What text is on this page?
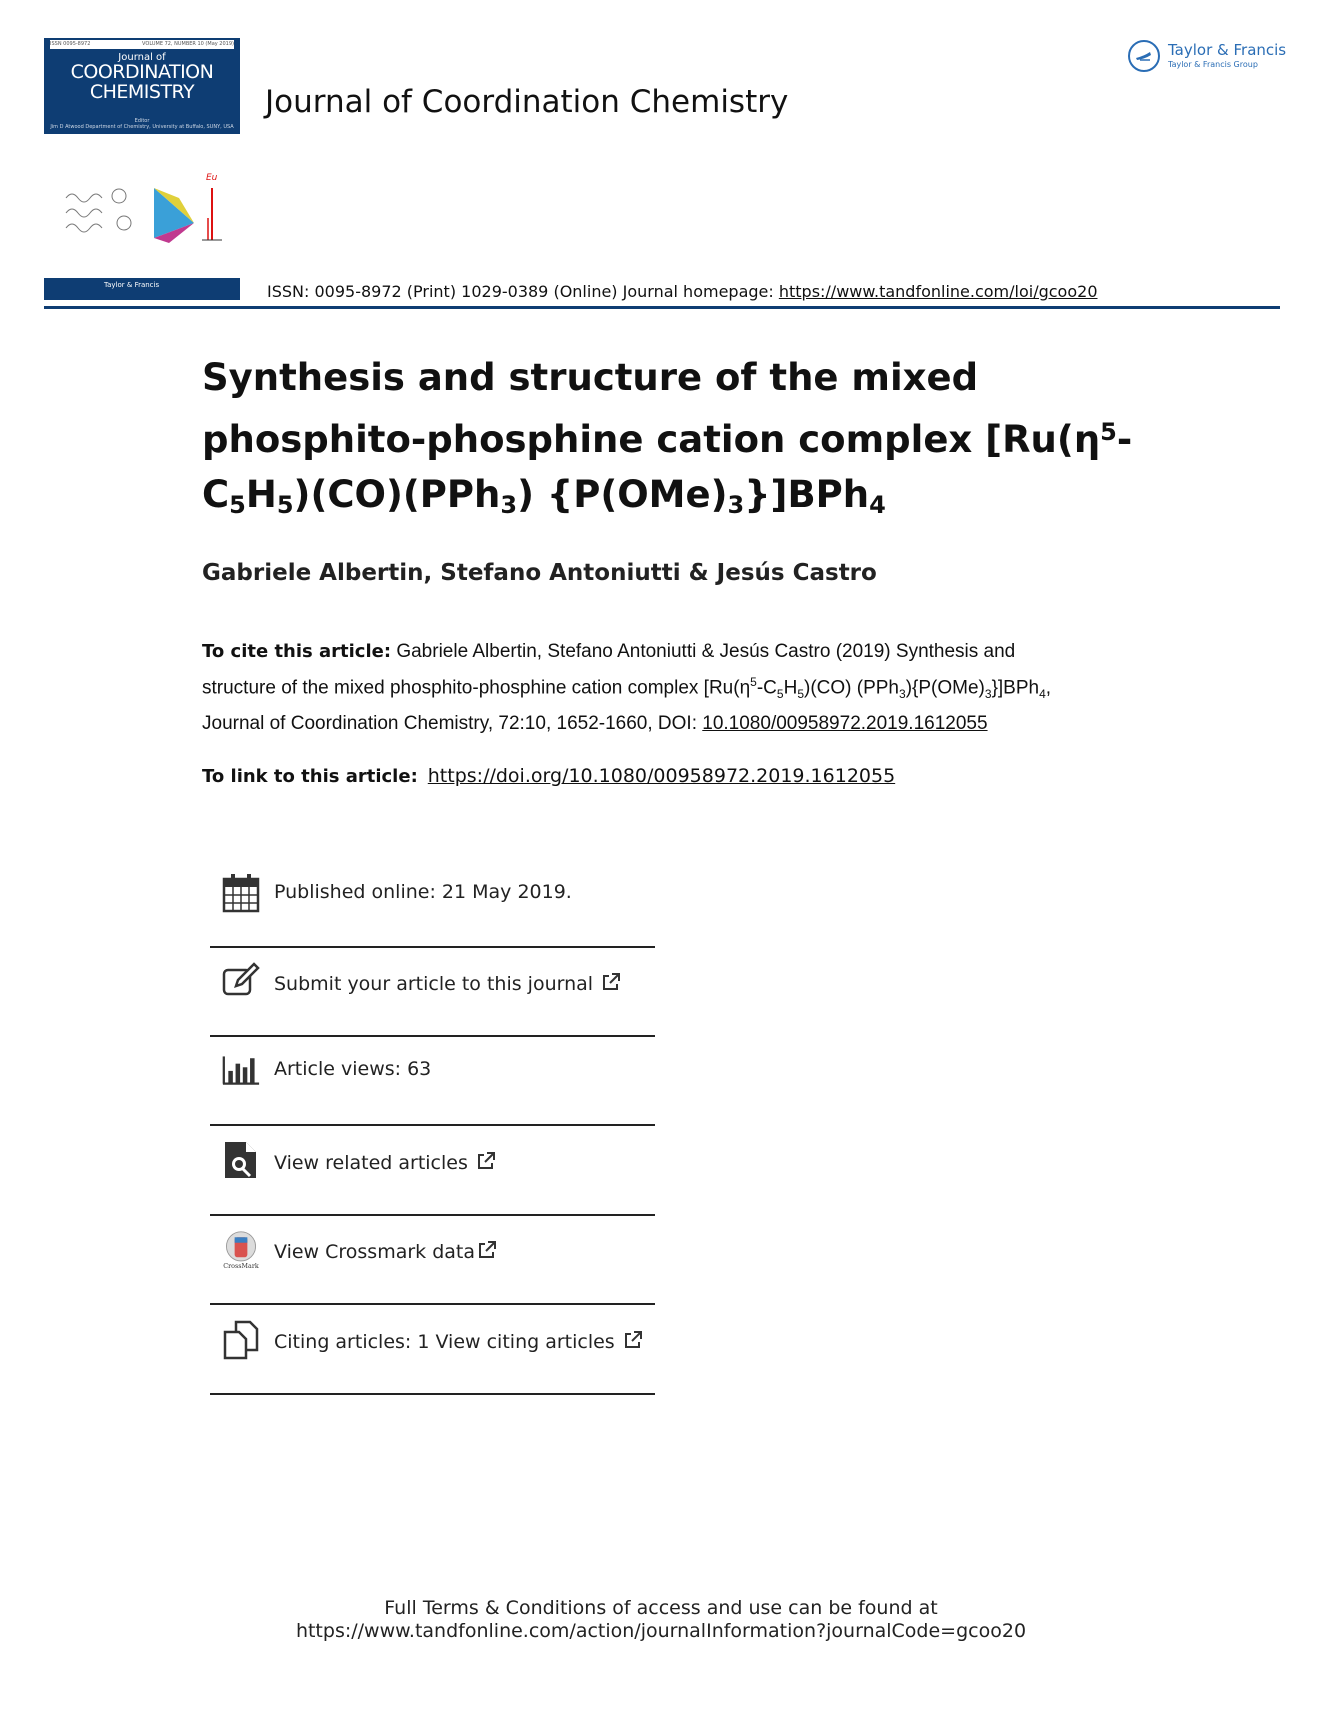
ISSN 0095-8972	VOLUME 72, NUMBER 10 (May 2019)
Journal of
COORDINATION
CHEMISTRY
Editor
Jim D Atwood Department of Chemistry, University at Buffalo, SUNY, USA
Eu
Taylor & Francis
Journal of Coordination Chemistry
Taylor & Francis
Taylor & Francis Group
ISSN: 0095-8972 (Print) 1029-0389 (Online) Journal homepage: https://www.tandfonline.com/loi/gcoo20
Synthesis and structure of the mixed phosphito-phosphine cation complex [$Ru(\eta^5-C_5H_5)(CO)(PPh_3)$ $\{P(OMe)_3\}]BPh_4$
Gabriele Albertin, Stefano Antoniutti & Jesús Castro
To cite this article: Gabriele Albertin, Stefano Antoniutti & Jesús Castro (2019) Synthesis and structure of the mixed phosphito-phosphine cation complex [$Ru(\eta^5-C_5H_5)(CO)$ $(PPh_3)\{P(OMe)_3\}]BPh_4$, Journal of Coordination Chemistry, 72:10, 1652-1660, DOI: 10.1080/00958972.2019.1612055
To link to this article: https://doi.org/10.1080/00958972.2019.1612055
Published online: 21 May 2019.
Submit your article to this journal
Article views: 63
View related articles
CrossMark
View Crossmark data
Citing articles: 1 View citing articles
Full Terms & Conditions of access and use can be found at
https://www.tandfonline.com/action/journalInformation?journalCode=gcoo20
